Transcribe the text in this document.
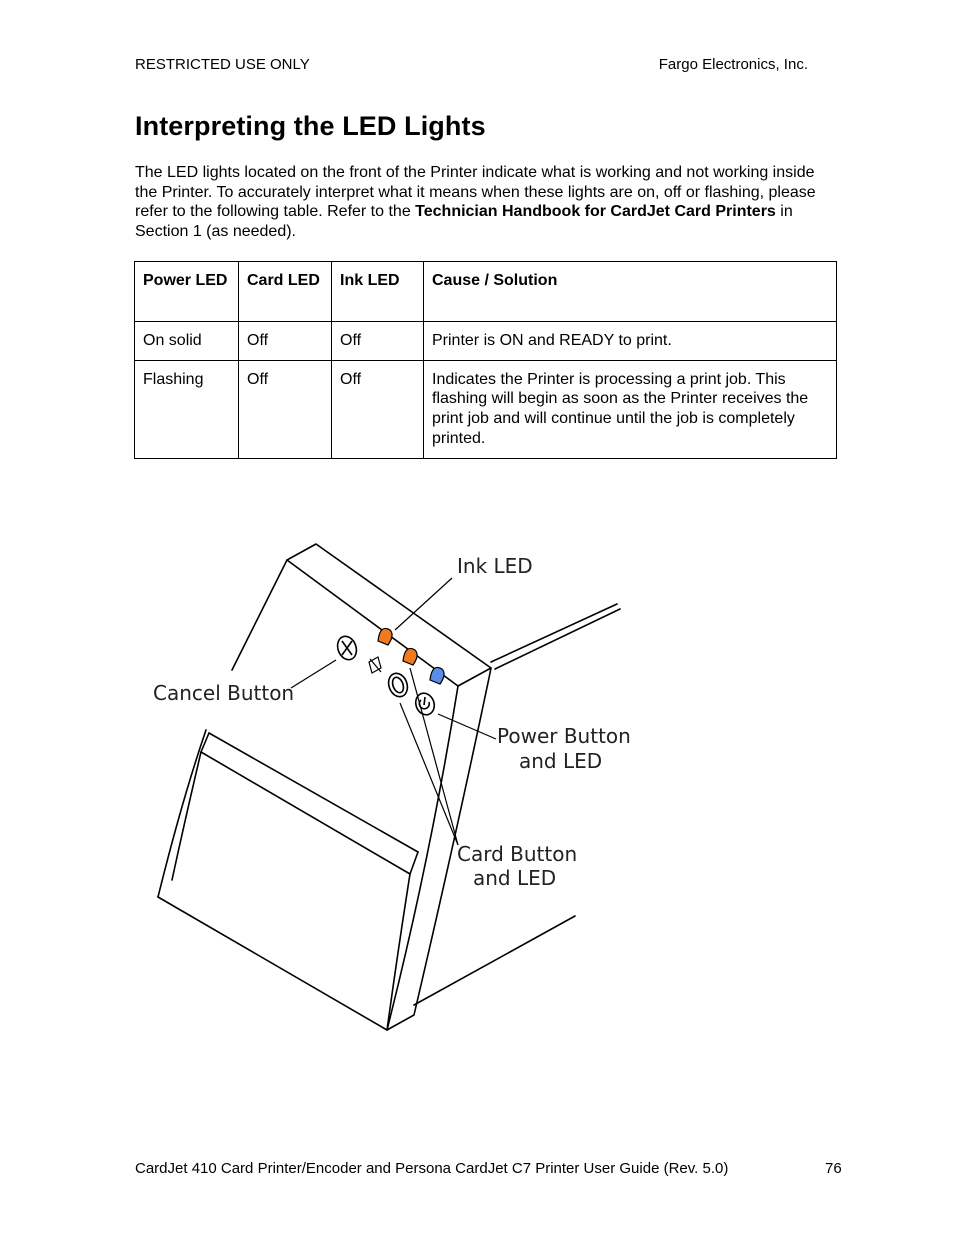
RESTRICTED USE ONLY	Fargo Electronics, Inc.
Interpreting the LED Lights

The LED lights located on the front of the Printer indicate what is working and not working inside the Printer. To accurately interpret what it means when these lights are on, off or flashing, please refer to the following table. Refer to the Technician Handbook for CardJet Card Printers in Section 1 (as needed).

Power LED	Card LED	Ink LED	Cause / Solution
On solid	Off	Off	Printer is ON and READY to print.
Flashing	Off	Off	Indicates the Printer is processing a print job. This flashing will begin as soon as the Printer receives the print job and will continue until the job is completely printed.
Ink LED
Cancel Button
Power Button
and LED
Card Button
and LED
CardJet 410 Card Printer/Encoder and Persona CardJet C7 Printer User Guide (Rev. 5.0)	76
